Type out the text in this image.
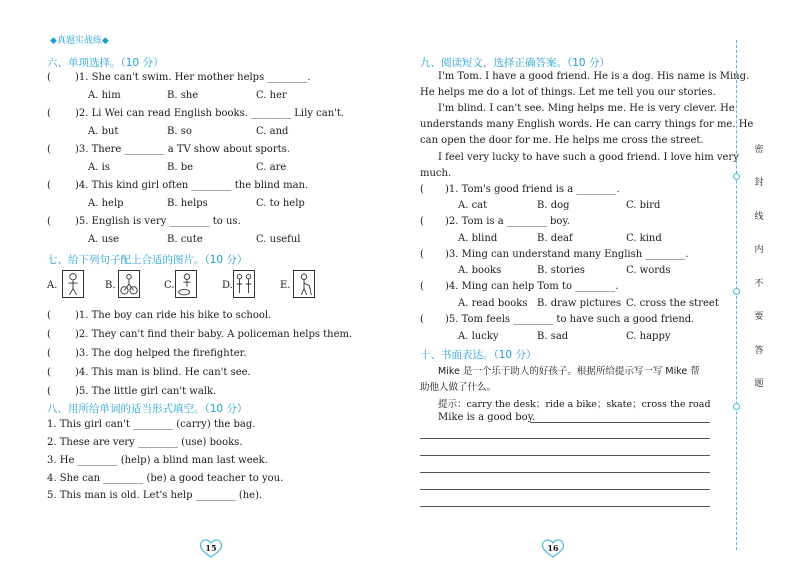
◆真题实战练◆
六、单项选择。（10 分）
( )1. She can't swim. Her mother helps ________.
A. him	B. she	C. her
( )2. Li Wei can read English books. ________ Lily can't.
A. but	B. so	C. and
( )3. There ________ a TV show about sports.
A. is	B. be	C. are
( )4. This kind girl often ________ the blind man.
A. help	B. helps	C. to help
( )5. English is very ________ to us.
A. use	B. cute	C. useful
七、给下列句子配上合适的图片。（10 分）
A.	B.	C.	D.	E.
( )1. The boy can ride his bike to school.
( )2. They can't find their baby. A policeman helps them.
( )3. The dog helped the firefighter.
( )4. This man is blind. He can't see.
( )5. The little girl can't walk.
八、用所给单词的适当形式填空。（10 分）
1. This girl can't ________ (carry) the bag.
2. These are very ________ (use) books.
3. He ________ (help) a blind man last week.
4. She can ________ (be) a good teacher to you.
5. This man is old. Let's help ________ (he).
15
九、阅读短文，选择正确答案。（10 分）
I'm Tom. I have a good friend. He is a dog. His name is Ming.
He helps me do a lot of things. Let me tell you our stories.
I'm blind. I can't see. Ming helps me. He is very clever. He
understands many English words. He can carry things for me. He
can open the door for me. He helps me cross the street.
I feel very lucky to have such a good friend. I love him very
much.
( )1. Tom's good friend is a ________.
A. cat	B. dog	C. bird
( )2. Tom is a ________ boy.
A. blind	B. deaf	C. kind
( )3. Ming can understand many English ________.
A. books	B. stories	C. words
( )4. Ming can help Tom to ________.
A. read books B. draw pictures C. cross the street
( )5. Tom feels ________ to have such a good friend.
A. lucky	B. sad	C. happy
十、书面表达。（10 分）
Mike 是一个乐于助人的好孩子。根据所给提示写一写 Mike 帮
助他人做了什么。
提示：carry the desk；ride a bike；skate；cross the road
Mike is a good boy.
16
密
封
线
内
不
要
答
题
